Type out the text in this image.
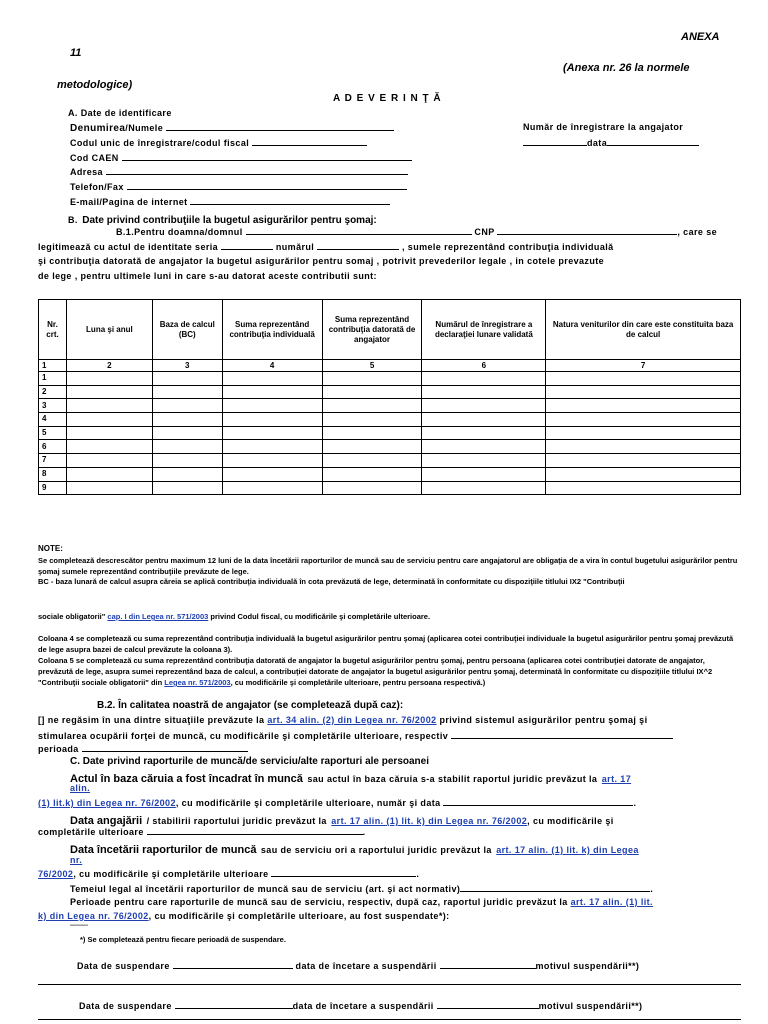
ANEXA
11
(Anexa nr. 26 la normele
metodologice)
A D E V E R I N Ţ Ă
A. Date de identificare
Denumirea/Numele
Codul unic de înregistrare/codul fiscal
Cod CAEN
Adresa
Telefon/Fax
E-mail/Pagina de internet
Număr de înregistrare la angajator
data
B. Date privind contribuţiile la bugetul asigurărilor pentru şomaj:
B.1.Pentru doamna/domnul	CNP	, care se
legitimează cu actul de identitate seria	numărul	, sumele reprezentând contribuţia individuală
şi contribuţia datorată de angajator la bugetul asigurărilor pentru somaj , potrivit prevederilor legale , in cotele prevazute
de lege , pentru ultimele luni in care s-au datorat aceste contributii sunt:
Nr. crt.	Luna şi anul	Baza de calcul (BC)	Suma reprezentând contribuţia individuală	Suma reprezentând contribuţia datorată de angajator	Numărul de înregistrare a declaraţiei lunare validată	Natura veniturilor din care este constituita baza de calcul
1	2	3	4	5	6	7
1						
2						
3						
4						
5						
6						
7						
8						
9						
NOTE:
Se completează descrescător pentru maximum 12 luni de la data încetării raporturilor de muncă sau de serviciu pentru care angajatorul are obligaţia de a vira în contul bugetului asigurărilor pentru şomaj sumele reprezentând contribuţiile prevăzute de lege.
BC - baza lunară de calcul asupra căreia se aplică contribuţia individuală în cota prevăzută de lege, determinată în conformitate cu dispoziţiile titlului IX2 "Contribuţii
sociale obligatorii" cap. I din Legea nr. 571/2003 privind Codul fiscal, cu modificările şi completările ulterioare.
Coloana 4 se completează cu suma reprezentând contribuţia individuală la bugetul asigurărilor pentru şomaj (aplicarea cotei contribuţiei individuale la bugetul asigurărilor pentru şomaj prevăzută de lege asupra bazei de calcul prevăzute la coloana 3).
Coloana 5 se completează cu suma reprezentând contribuţia datorată de angajator la bugetul asigurărilor pentru şomaj, pentru persoana (aplicarea cotei contribuţiei datorate de angajator, prevăzută de lege, asupra sumei reprezentând baza de calcul, a contribuţiei datorate de angajator la bugetul asigurărilor pentru şomaj, determinată în conformitate cu dispoziţiile titlului IX^2 "Contribuţii sociale obligatorii" din Legea nr. 571/2003, cu modificările şi completările ulterioare, pentru persoana respectivă.)
B.2. În calitatea noastră de angajator (se completează după caz):
[] ne regăsim în una dintre situaţiile prevăzute la art. 34 alin. (2) din Legea nr. 76/2002 privind sistemul asigurărilor pentru şomaj şi
stimularea ocupării forţei de muncă, cu modificările şi completările ulterioare, respectiv
perioada
C. Date privind raporturile de muncă/de serviciu/alte raporturi ale persoanei
Actul în baza căruia a fost încadrat în muncă sau actul în baza căruia s-a stabilit raportul juridic prevăzut la art. 17
alin.
(1) lit.k) din Legea nr. 76/2002, cu modificările şi completările ulterioare, număr şi data	.
Data angajării / stabilirii raportului juridic prevăzut la art. 17 alin. (1) lit. k) din Legea nr. 76/2002, cu modificările şi
completările ulterioare	.
Data încetării raporturilor de muncă sau de serviciu ori a raportului juridic prevăzut la art. 17 alin. (1) lit. k) din Legea
nr.
76/2002, cu modificările şi completările ulterioare	.
Temeiul legal al încetării raporturilor de muncă sau de serviciu (art. şi act normativ)	.
Perioade pentru care raporturile de muncă sau de serviciu, respectiv, după caz, raportul juridic prevăzut la art. 17 alin. (1) lit.
k) din Legea nr. 76/2002, cu modificările şi completările ulterioare, au fost suspendate*):
---------
*) Se completează pentru fiecare perioadă de suspendare.
Data de suspendare	data de încetare a suspendării	motivul suspendării**)
Data de suspendare	data de încetare a suspendării	motivul suspendării**)
